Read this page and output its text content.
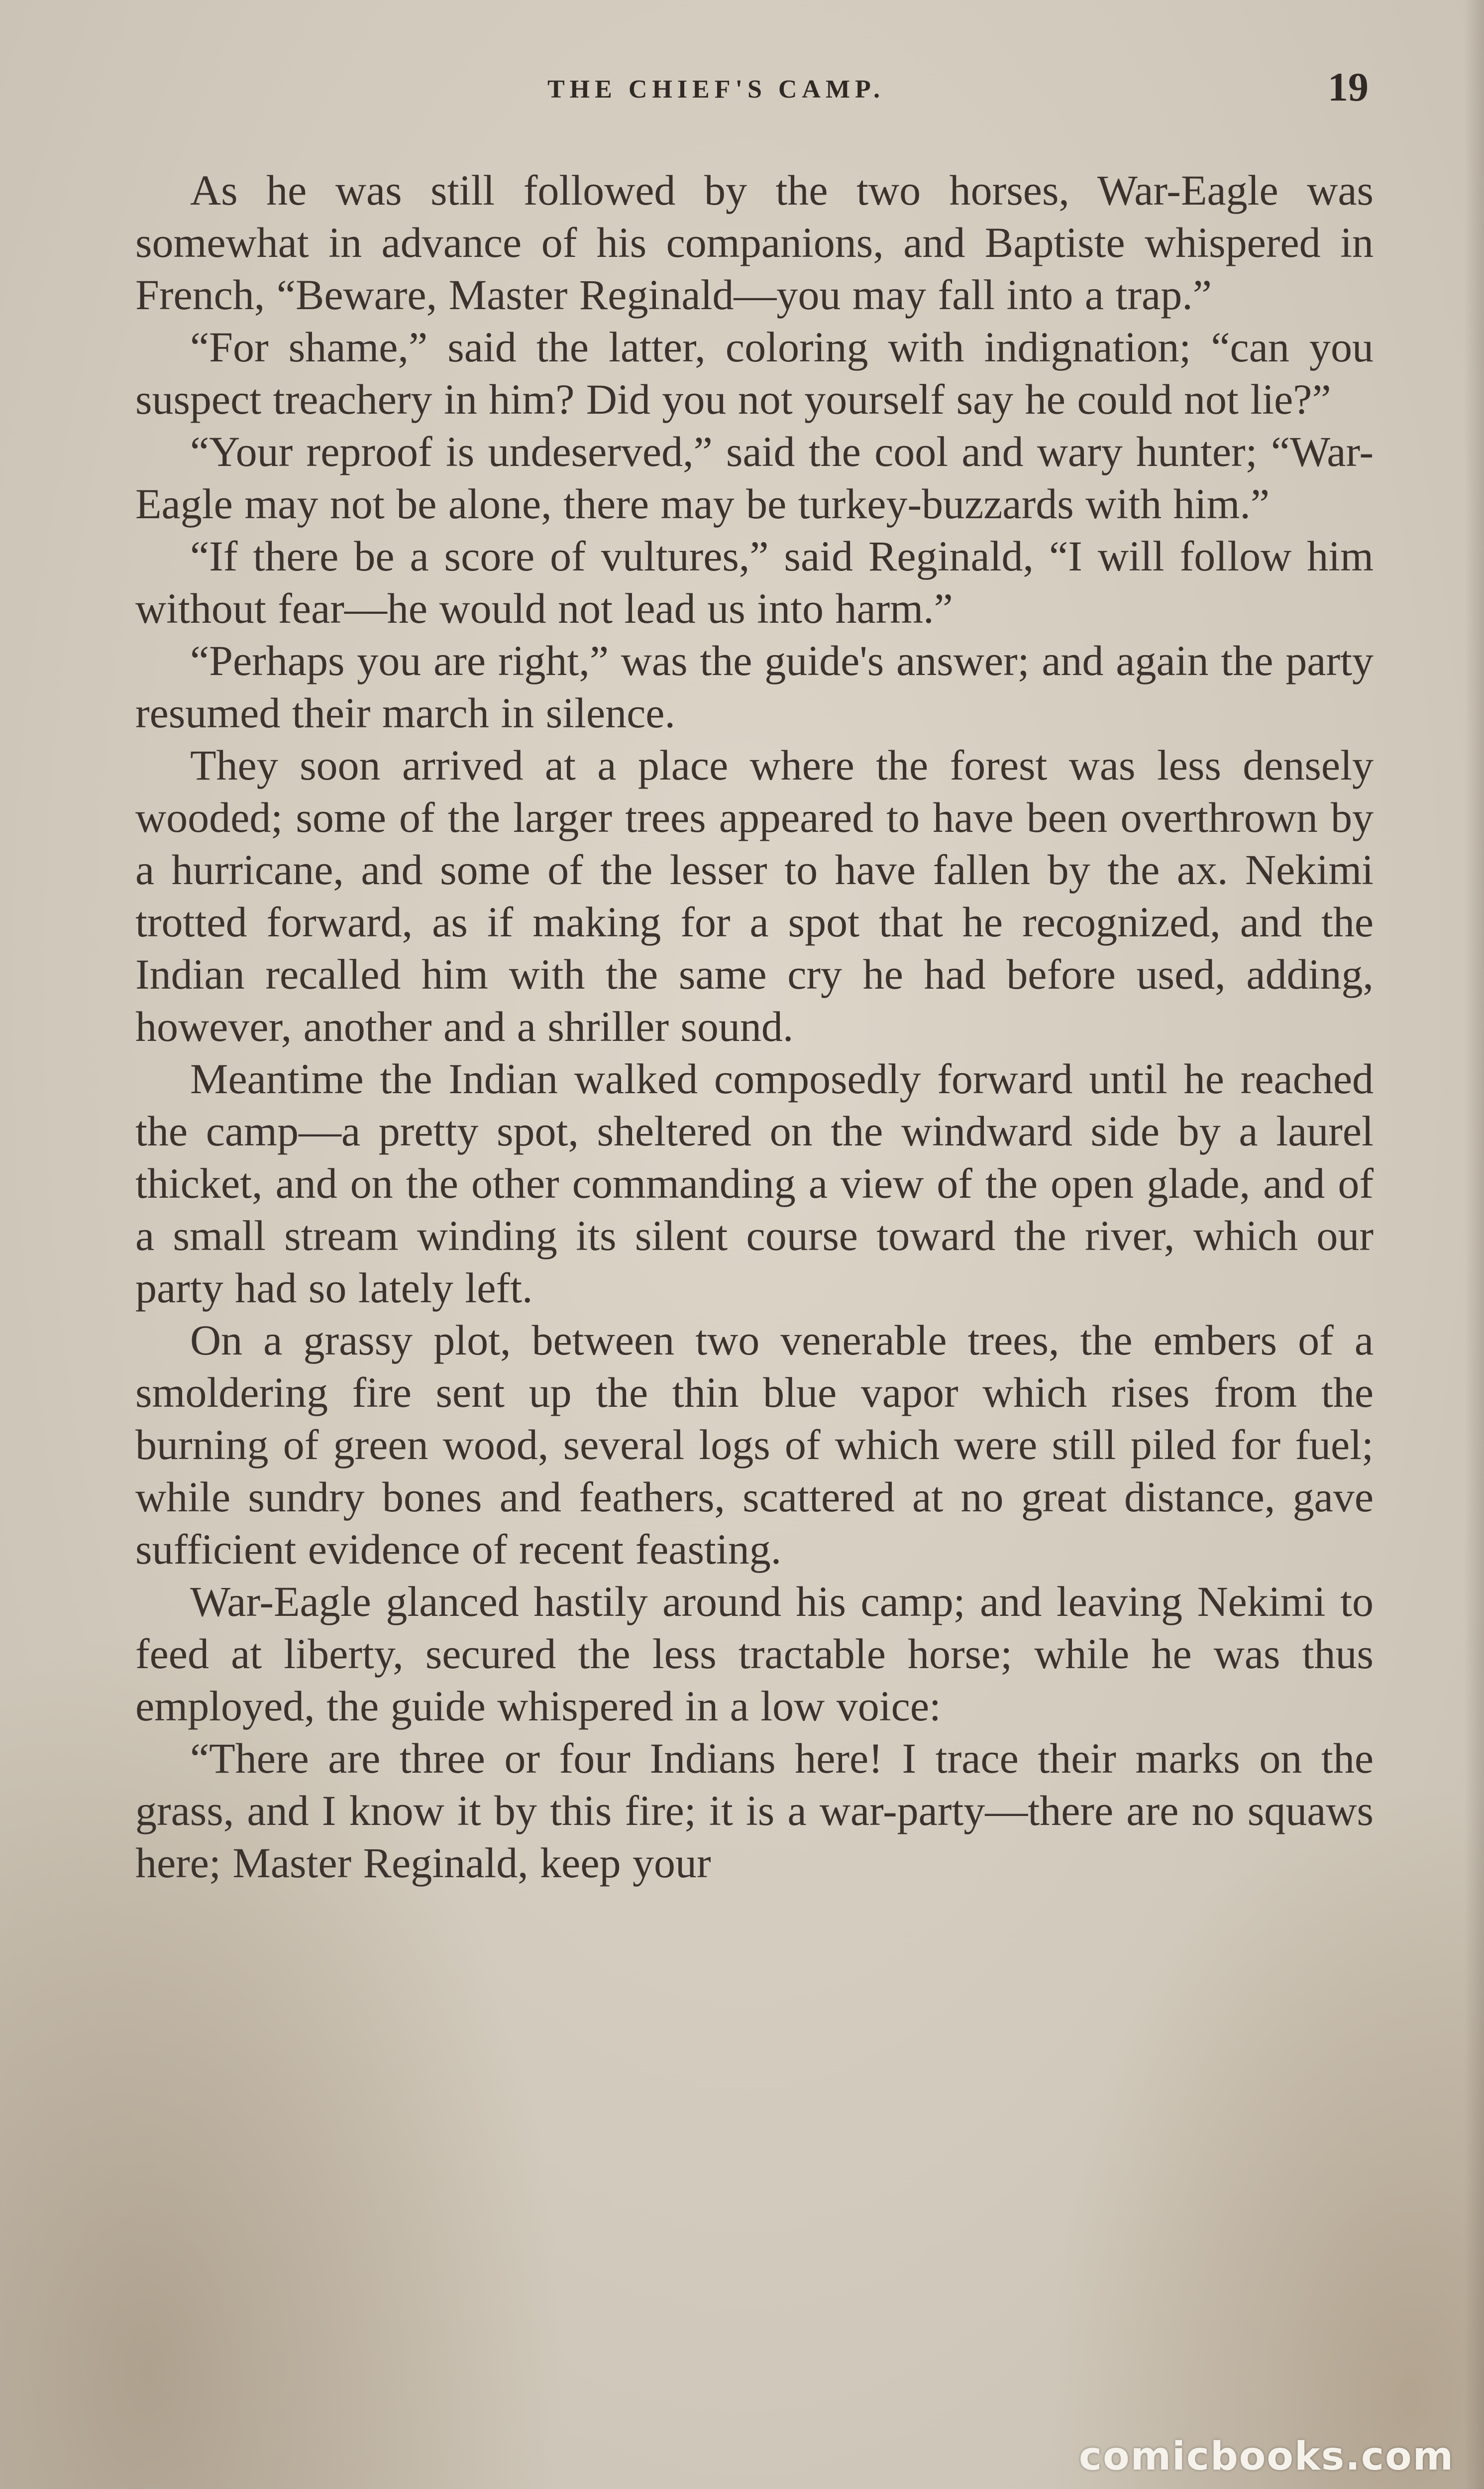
THE CHIEF'S CAMP.	19

As he was still followed by the two horses, War-Eagle was somewhat in advance of his companions, and Baptiste whispered in French, “Beware, Master Reginald—you may fall into a trap.”

“For shame,” said the latter, coloring with indignation; “can you suspect treachery in him? Did you not yourself say he could not lie?”

“Your reproof is undeserved,” said the cool and wary hunter; “War-Eagle may not be alone, there may be turkey-buzzards with him.”

“If there be a score of vultures,” said Reginald, “I will follow him without fear—he would not lead us into harm.”

“Perhaps you are right,” was the guide's answer; and again the party resumed their march in silence.

They soon arrived at a place where the forest was less densely wooded; some of the larger trees appeared to have been overthrown by a hurricane, and some of the lesser to have fallen by the ax. Nekimi trotted forward, as if making for a spot that he recognized, and the Indian recalled him with the same cry he had before used, adding, however, another and a shriller sound.

Meantime the Indian walked composedly forward until he reached the camp—a pretty spot, sheltered on the windward side by a laurel thicket, and on the other commanding a view of the open glade, and of a small stream winding its silent course toward the river, which our party had so lately left.

On a grassy plot, between two venerable trees, the embers of a smoldering fire sent up the thin blue vapor which rises from the burning of green wood, several logs of which were still piled for fuel; while sundry bones and feathers, scattered at no great distance, gave sufficient evidence of recent feasting.

War-Eagle glanced hastily around his camp; and leaving Nekimi to feed at liberty, secured the less tractable horse; while he was thus employed, the guide whispered in a low voice:

“There are three or four Indians here! I trace their marks on the grass, and I know it by this fire; it is a war-party—there are no squaws here; Master Reginald, keep your

comicbooks.com
